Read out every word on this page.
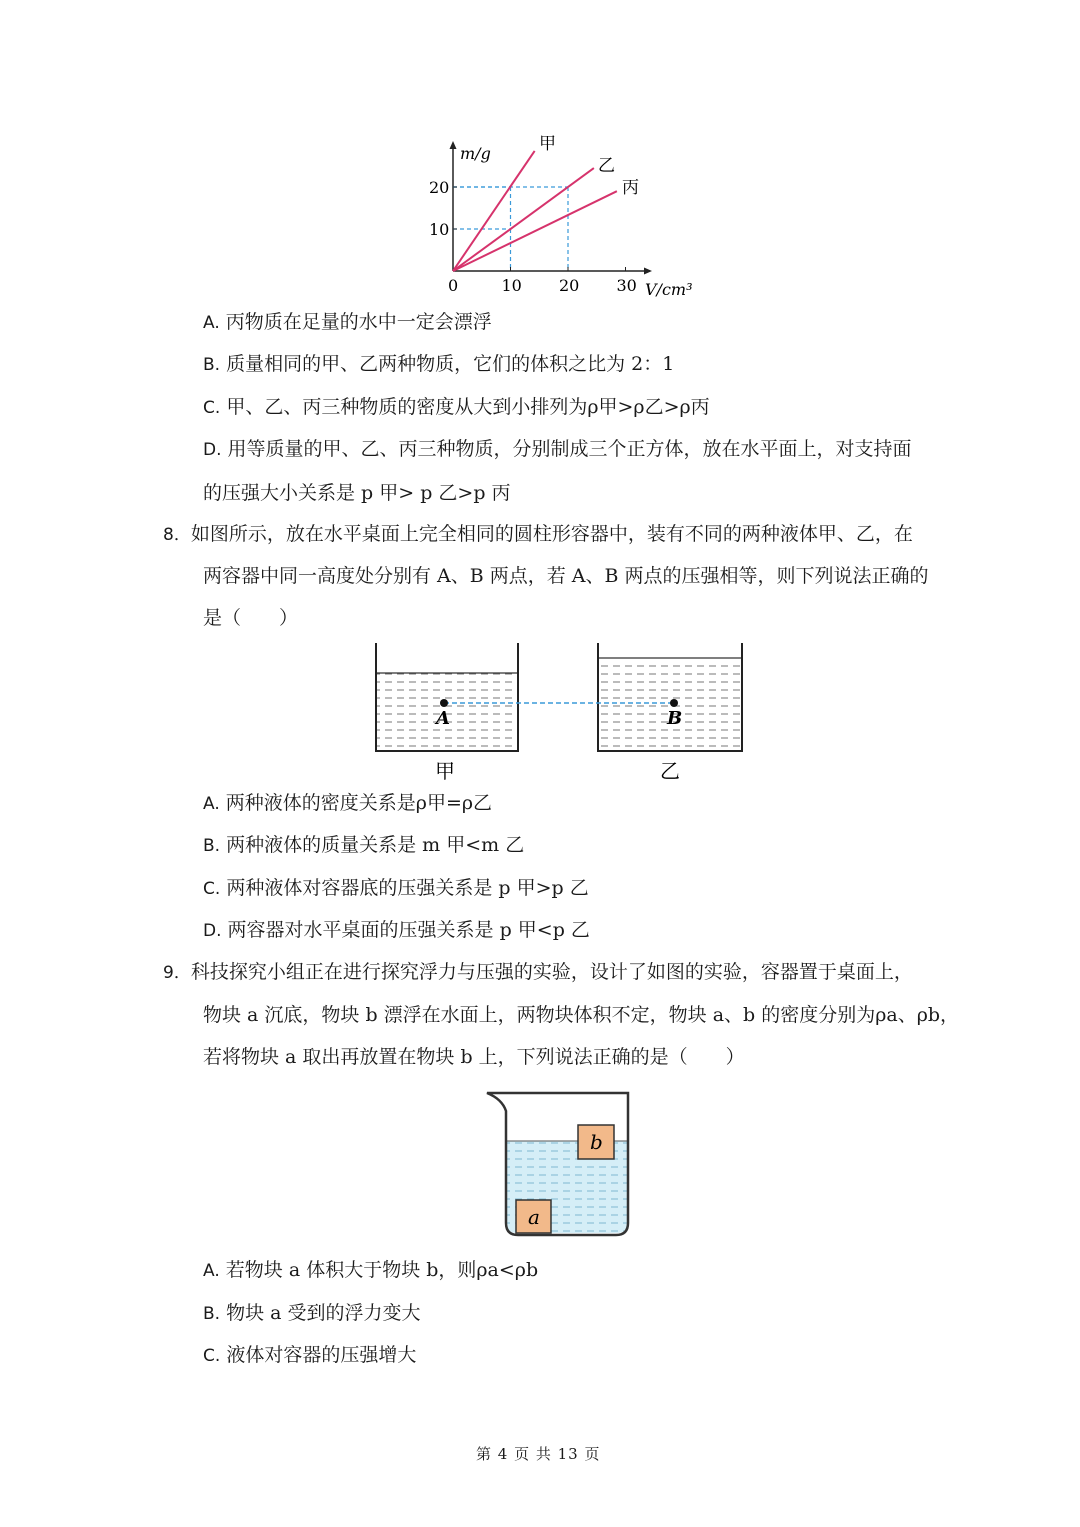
m/g
V/cm³
0	10 20 30
10
20
甲
乙
丙
A. 丙物质在足量的水中一定会漂浮
B. 质量相同的甲、乙两种物质，它们的体积之比为 2：1
C. 甲、乙、丙三种物质的密度从大到小排列为ρ甲>ρ乙>ρ丙
D. 用等质量的甲、乙、丙三种物质，分别制成三个正方体，放在水平面上，对支持面
的压强大小关系是 p 甲> p 乙>p 丙
8．如图所示，放在水平桌面上完全相同的圆柱形容器中，装有不同的两种液体甲、乙，在
两容器中同一高度处分别有 A、B 两点，若 A、B 两点的压强相等，则下列说法正确的
是（　　）
A	B
甲	乙
A. 两种液体的密度关系是ρ甲=ρ乙
B. 两种液体的质量关系是 m 甲<m 乙
C. 两种液体对容器底的压强关系是 p 甲>p 乙
D. 两容器对水平桌面的压强关系是 p 甲<p 乙
9．科技探究小组正在进行探究浮力与压强的实验，设计了如图的实验，容器置于桌面上，
物块 a 沉底，物块 b 漂浮在水面上，两物块体积不定，物块 a、b 的密度分别为ρa、ρb，
若将物块 a 取出再放置在物块 b 上，下列说法正确的是（　　）
b
a
A. 若物块 a 体积大于物块 b，则ρa<ρb
B. 物块 a 受到的浮力变大
C. 液体对容器的压强增大
第 4 页 共 13 页
